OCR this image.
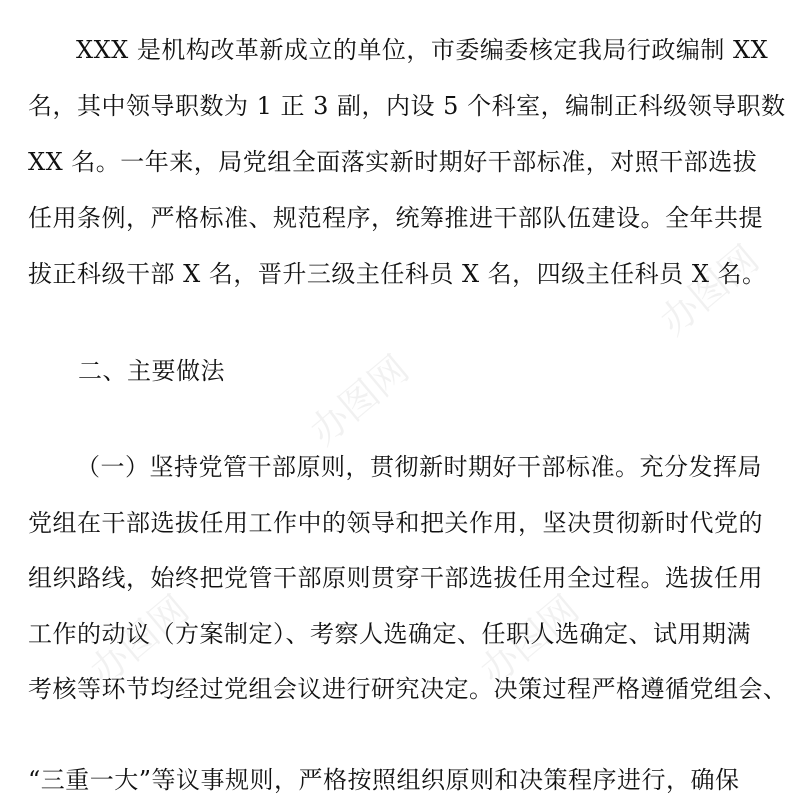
XXX 是机构改革新成立的单位，市委编委核定我局行政编制 XX
名，其中领导职数为 1 正 3 副，内设 5 个科室，编制正科级领导职数
XX 名。一年来，局党组全面落实新时期好干部标准，对照干部选拔
任用条例，严格标准、规范程序，统筹推进干部队伍建设。全年共提
拔正科级干部 X 名，晋升三级主任科员 X 名，四级主任科员 X 名。
二、主要做法
（一）坚持党管干部原则，贯彻新时期好干部标准。充分发挥局
党组在干部选拔任用工作中的领导和把关作用，坚决贯彻新时代党的
组织路线，始终把党管干部原则贯穿干部选拔任用全过程。选拔任用
工作的动议（方案制定）、考察人选确定、任职人选确定、试用期满
考核等环节均经过党组会议进行研究决定。决策过程严格遵循党组会、
“三重一大”等议事规则，严格按照组织原则和决策程序进行，确保
办图网
办图网	办图网
办图网
